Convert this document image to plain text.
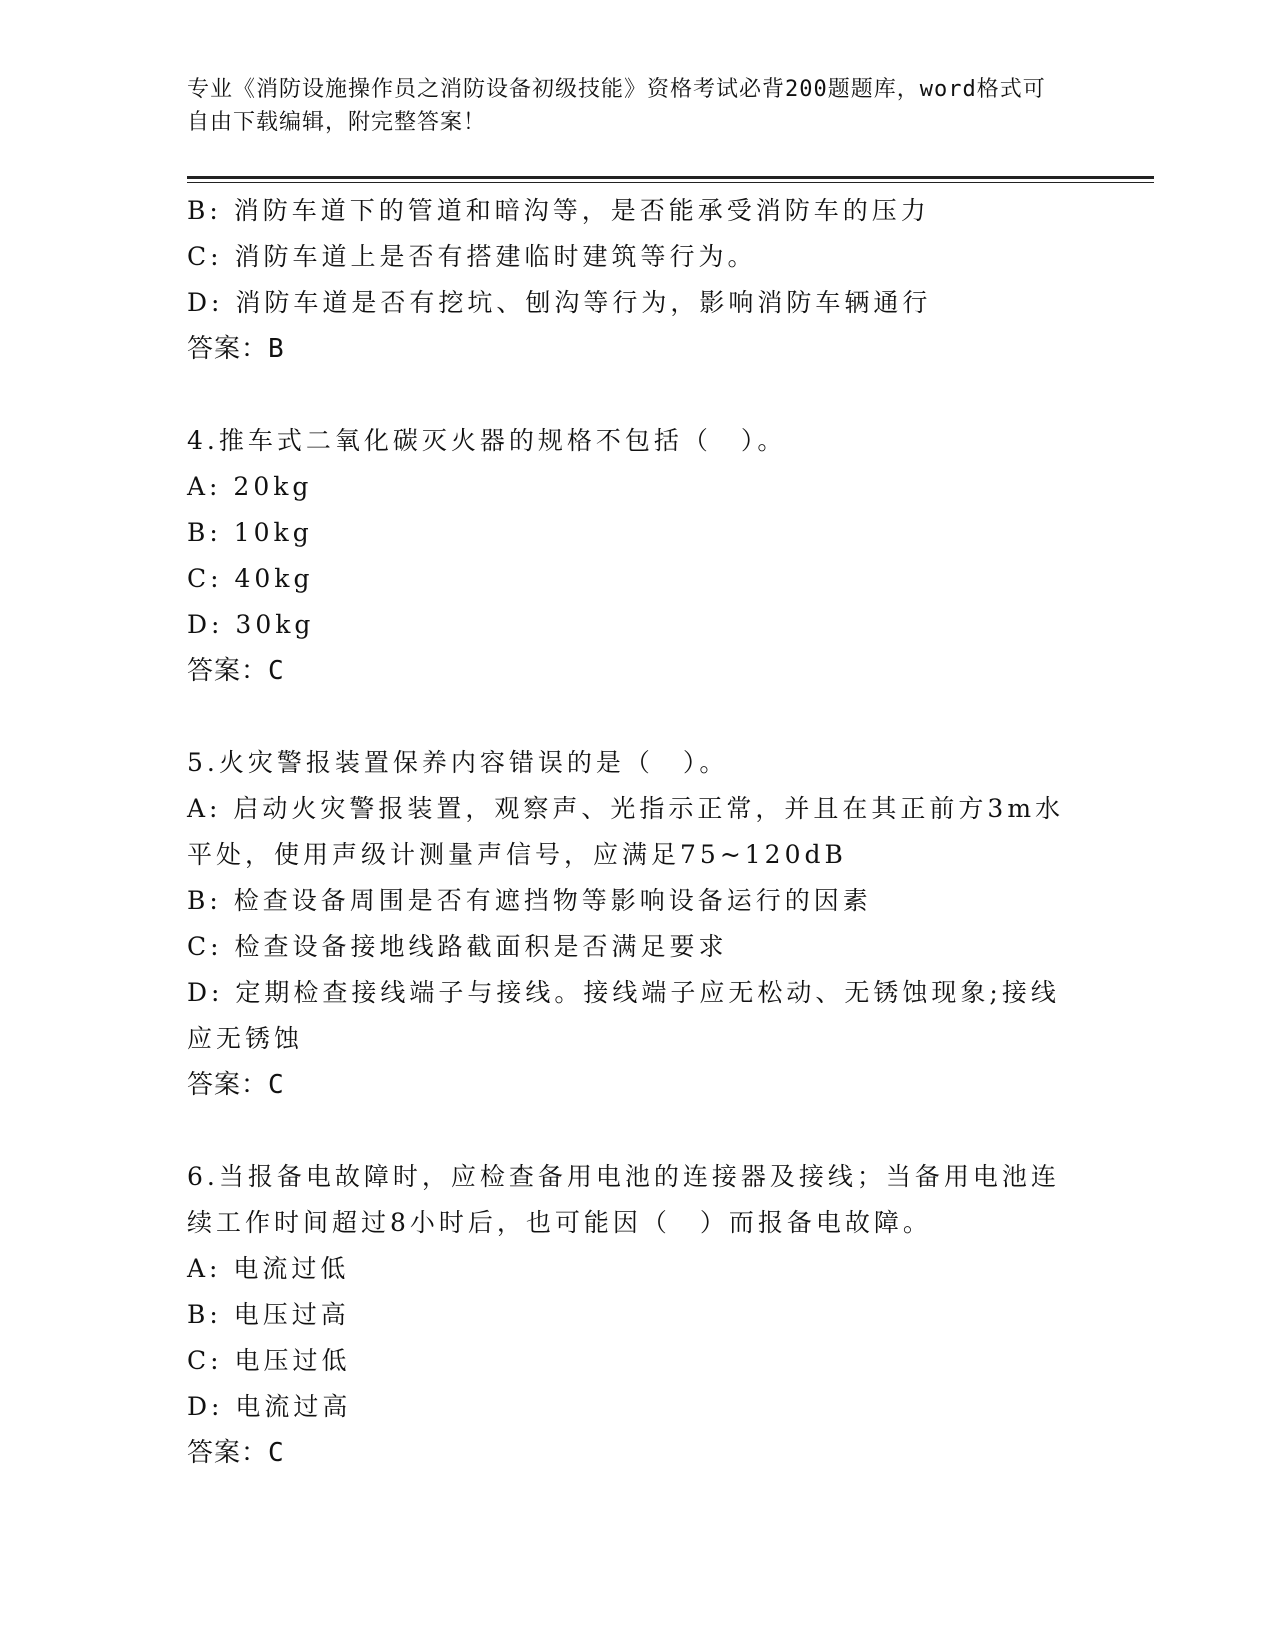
专业《消防设施操作员之消防设备初级技能》资格考试必背200题题库，word格式可自由下载编辑，附完整答案！

B: 消防车道下的管道和暗沟等，是否能承受消防车的压力

C: 消防车道上是否有搭建临时建筑等行为。

D: 消防车道是否有挖坑、刨沟等行为，影响消防车辆通行

答案：B

4.推车式二氧化碳灭火器的规格不包括（　）。

A: 20kg

B: 10kg

C: 40kg

D: 30kg

答案：C

5.火灾警报装置保养内容错误的是（　）。

A: 启动火灾警报装置，观察声、光指示正常，并且在其正前方3m水平处，使用声级计测量声信号，应满足75~120dB

B: 检查设备周围是否有遮挡物等影响设备运行的因素

C: 检查设备接地线路截面积是否满足要求

D: 定期检查接线端子与接线。接线端子应无松动、无锈蚀现象;接线应无锈蚀

答案：C

6.当报备电故障时，应检查备用电池的连接器及接线；当备用电池连续工作时间超过8小时后，也可能因（　）而报备电故障。

A: 电流过低

B: 电压过高

C: 电压过低

D: 电流过高

答案：C
